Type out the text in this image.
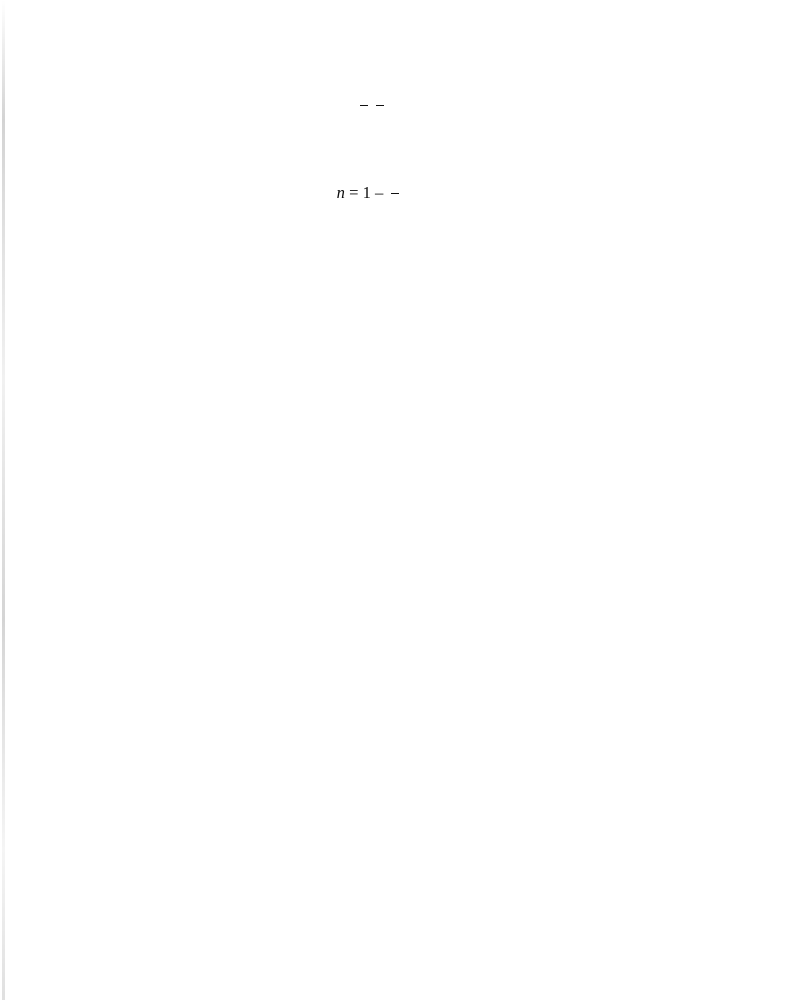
n = 1 –
